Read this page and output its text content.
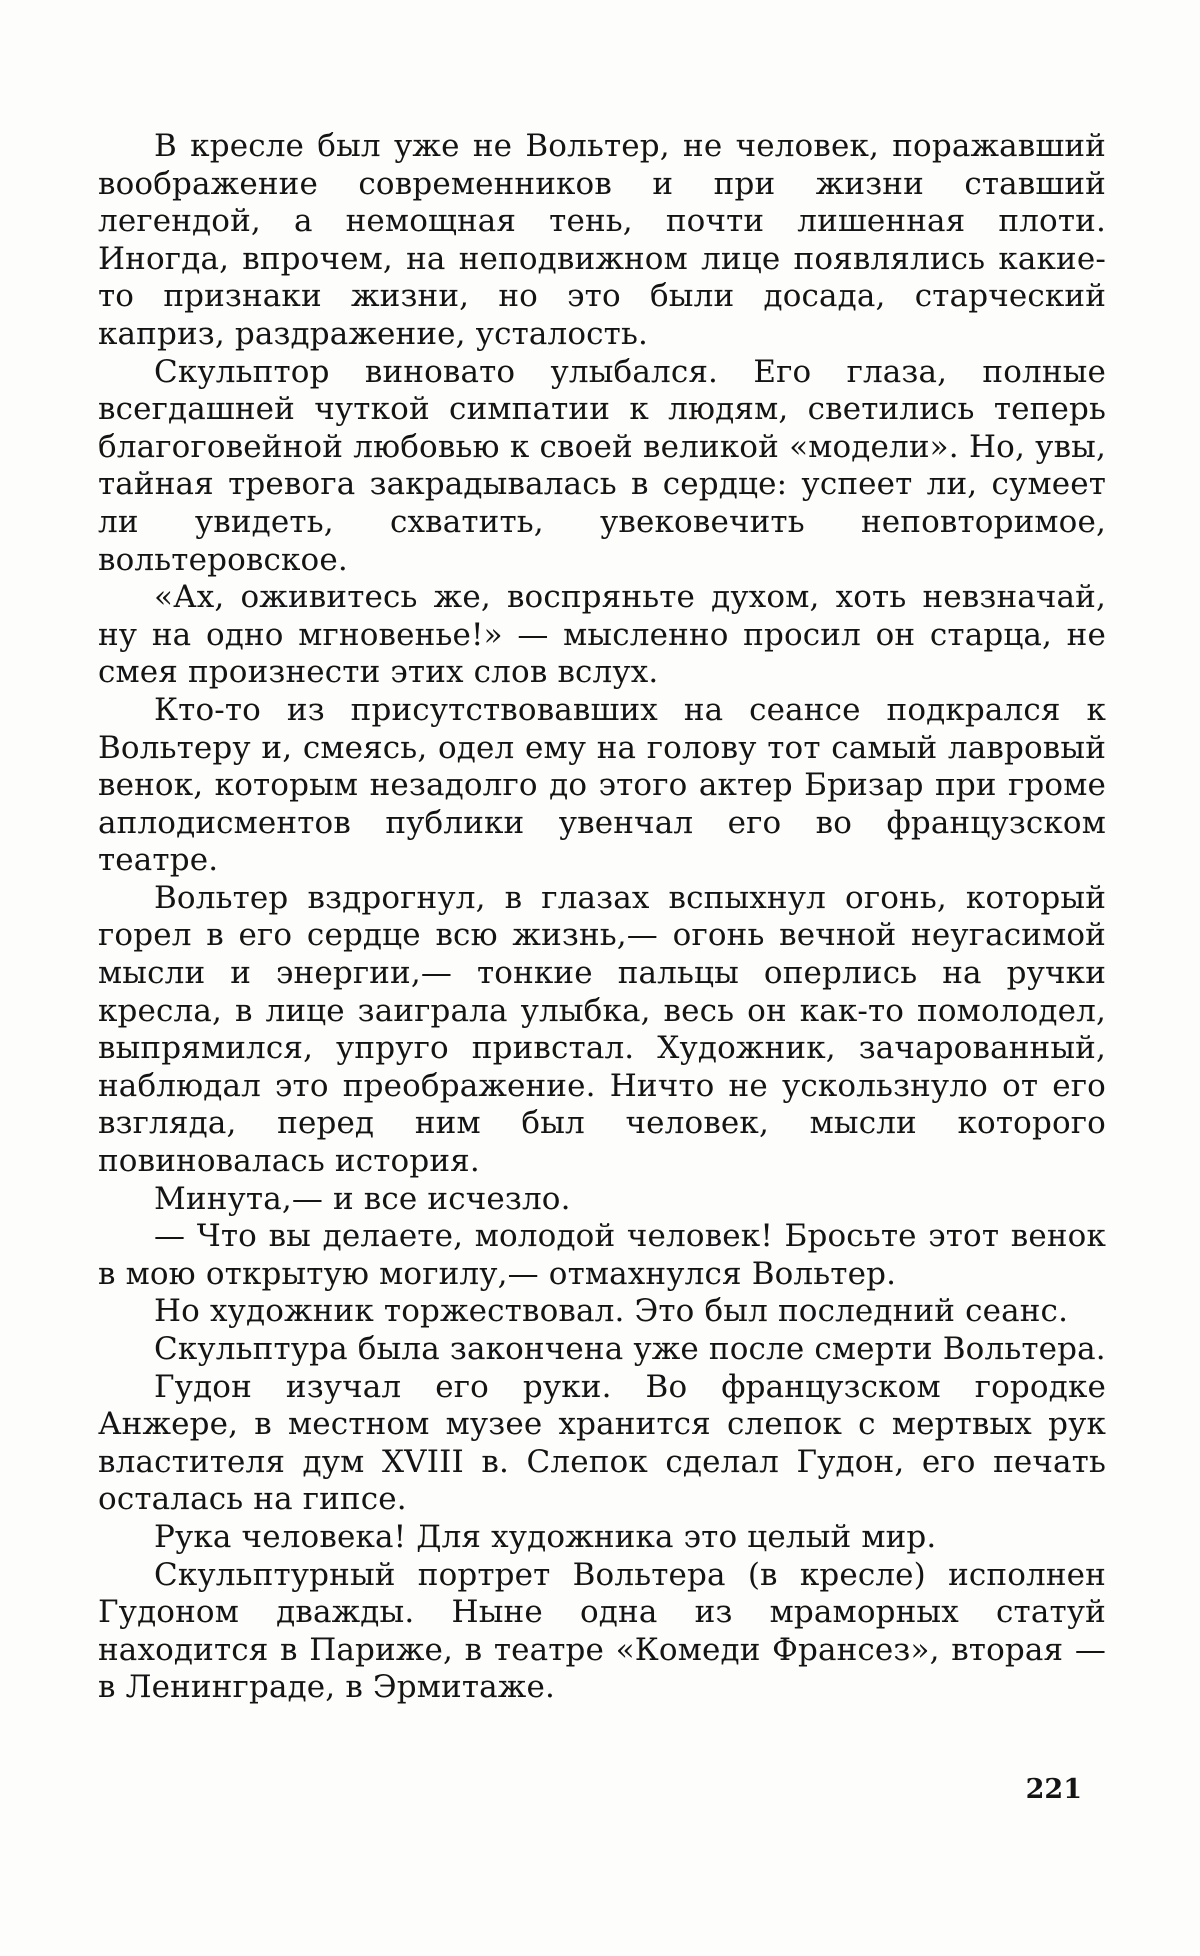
В кресле был уже не Вольтер, не человек, поражавший воображение современников и при жизни ставший легендой, а немощная тень, почти лишенная плоти. Иногда, впрочем, на неподвижном лице появлялись какие-то признаки жизни, но это были досада, старческий каприз, раздражение, усталость.

Скульптор виновато улыбался. Его глаза, полные всегдашней чуткой симпатии к людям, светились теперь благоговейной любовью к своей великой «модели». Но, увы, тайная тревога закрадывалась в сердце: успеет ли, сумеет ли увидеть, схватить, увековечить неповторимое, вольтеровское.

«Ах, оживитесь же, воспряньте духом, хоть невзначай, ну на одно мгновенье!» — мысленно просил он старца, не смея произнести этих слов вслух.

Кто-то из присутствовавших на сеансе подкрался к Вольтеру и, смеясь, одел ему на голову тот самый лавровый венок, которым незадолго до этого актер Бризар при громе аплодисментов публики увенчал его во французском театре.

Вольтер вздрогнул, в глазах вспыхнул огонь, который горел в его сердце всю жизнь,— огонь вечной неугасимой мысли и энергии,— тонкие пальцы оперлись на ручки кресла, в лице заиграла улыбка, весь он как-то помолодел, выпрямился, упруго привстал. Художник, зачарованный, наблюдал это преображение. Ничто не ускользнуло от его взгляда, перед ним был человек, мысли которого повиновалась история.

Минута,— и все исчезло.

— Что вы делаете, молодой человек! Бросьте этот венок в мою открытую могилу,— отмахнулся Вольтер.

Но художник торжествовал. Это был последний сеанс.

Скульптура была закончена уже после смерти Вольтера.

Гудон изучал его руки. Во французском городке Анжере, в местном музее хранится слепок с мертвых рук властителя дум XVIII в. Слепок сделал Гудон, его печать осталась на гипсе.

Рука человека! Для художника это целый мир.

Скульптурный портрет Вольтера (в кресле) исполнен Гудоном дважды. Ныне одна из мраморных статуй находится в Париже, в театре «Комеди Франсез», вторая — в Ленинграде, в Эрмитаже.

221
